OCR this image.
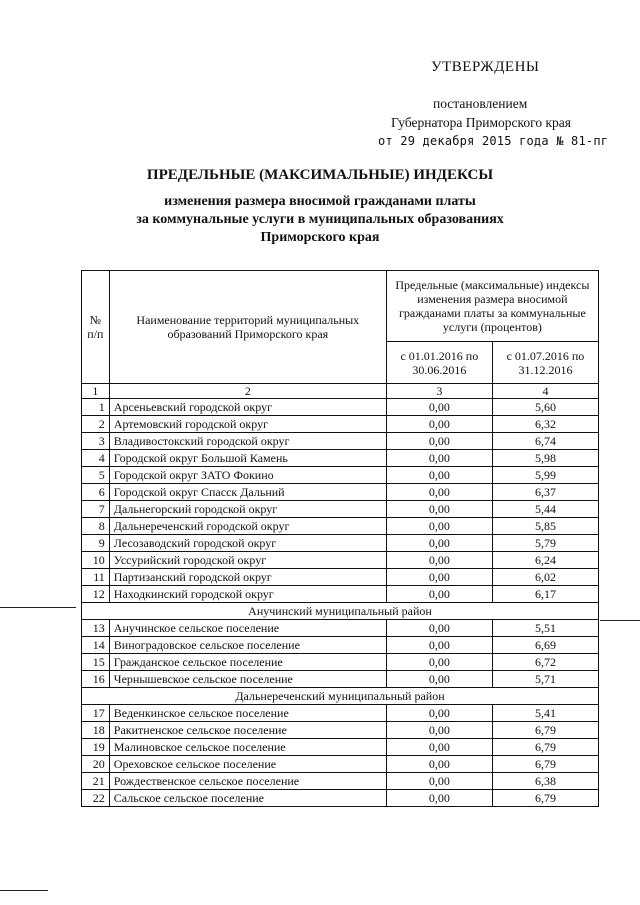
УТВЕРЖДЕНЫ
постановлением
Губернатора Приморского края
от 29 декабря 2015 года № 81-пг
ПРЕДЕЛЬНЫЕ (МАКСИМАЛЬНЫЕ) ИНДЕКСЫ
изменения размера вносимой гражданами платы
за коммунальные услуги в муниципальных образованиях
Приморского края
№ п/п	Наименование территорий муниципальных образований Приморского края	Предельные (максимальные) индексы изменения размера вносимой гражданами платы за коммунальные услуги (процентов)	
		с 01.01.2016 по 30.06.2016	с 01.07.2016 по 31.12.2016
1	2	3	4
1	Арсеньевский городской округ	0,00	5,60
2	Артемовский городской округ	0,00	6,32
3	Владивостокский городской округ	0,00	6,74
4	Городской округ Большой Камень	0,00	5,98
5	Городской округ ЗАТО Фокино	0,00	5,99
6	Городской округ Спасск Дальний	0,00	6,37
7	Дальнегорский городской округ	0,00	5,44
8	Дальнереченский городской округ	0,00	5,85
9	Лесозаводский городской округ	0,00	5,79
10	Уссурийский городской округ	0,00	6,24
11	Партизанский городской округ	0,00	6,02
12	Находкинский городской округ	0,00	6,17
Анучинский муниципальный район			
13	Анучинское сельское поселение	0,00	5,51
14	Виноградовское сельское поселение	0,00	6,69
15	Гражданское сельское поселение	0,00	6,72
16	Чернышевское сельское поселение	0,00	5,71
Дальнереченский муниципальный район			
17	Веденкинское сельское поселение	0,00	5,41
18	Ракитненское сельское поселение	0,00	6,79
19	Малиновское сельское поселение	0,00	6,79
20	Ореховское сельское поселение	0,00	6,79
21	Рождественское сельское поселение	0,00	6,38
22	Сальское сельское поселение	0,00	6,79
